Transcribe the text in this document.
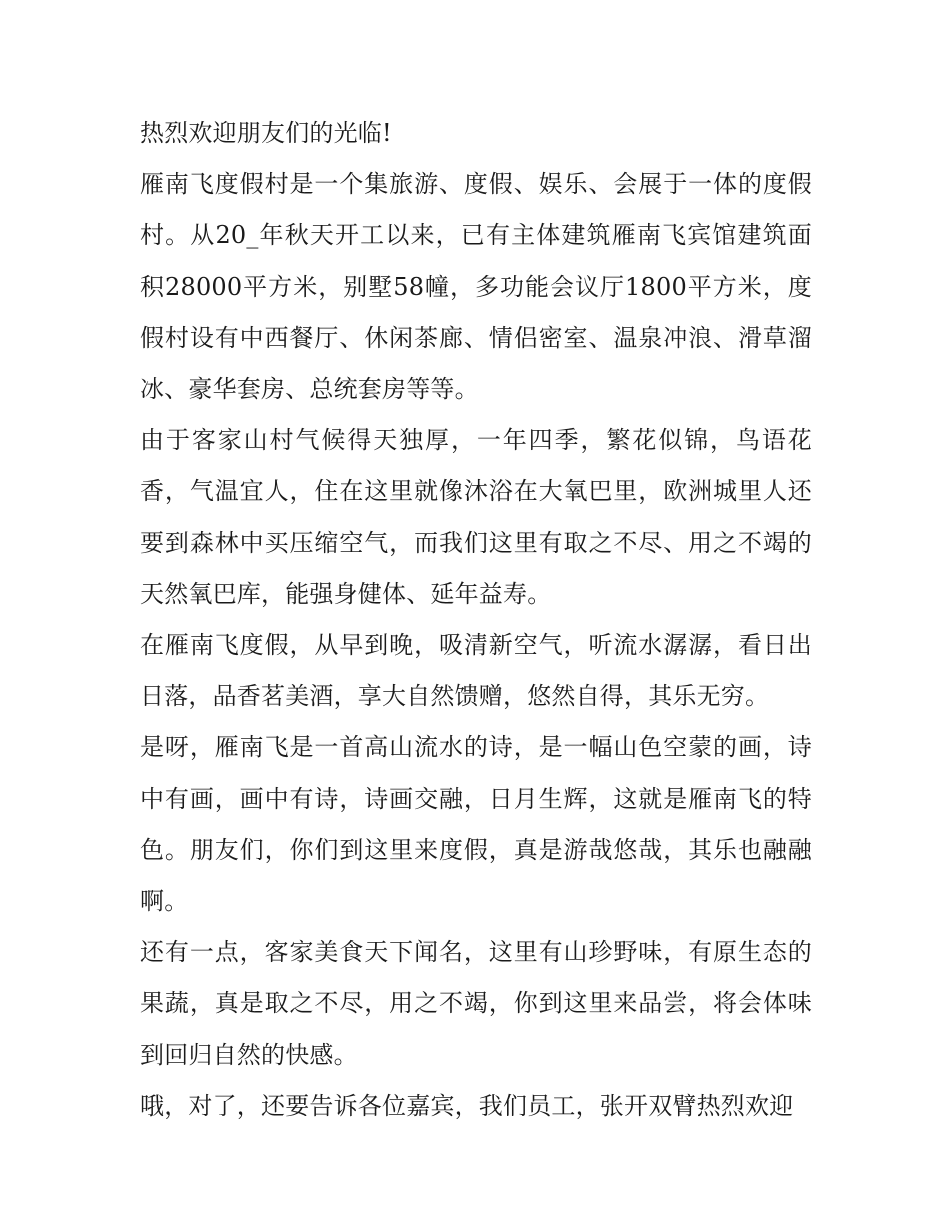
热烈欢迎朋友们的光临!

雁南飞度假村是一个集旅游、度假、娱乐、会展于一体的度假村。从20_年秋天开工以来，已有主体建筑雁南飞宾馆建筑面积28000平方米，别墅58幢，多功能会议厅1800平方米，度假村设有中西餐厅、休闲茶廊、情侣密室、温泉冲浪、滑草溜冰、豪华套房、总统套房等等。

由于客家山村气候得天独厚，一年四季，繁花似锦，鸟语花香，气温宜人，住在这里就像沐浴在大氧巴里，欧洲城里人还要到森林中买压缩空气，而我们这里有取之不尽、用之不竭的天然氧巴库，能强身健体、延年益寿。

在雁南飞度假，从早到晚，吸清新空气，听流水潺潺，看日出日落，品香茗美酒，享大自然馈赠，悠然自得，其乐无穷。

是呀，雁南飞是一首高山流水的诗，是一幅山色空蒙的画，诗中有画，画中有诗，诗画交融，日月生辉，这就是雁南飞的特色。朋友们，你们到这里来度假，真是游哉悠哉，其乐也融融啊。

还有一点，客家美食天下闻名，这里有山珍野味，有原生态的果蔬，真是取之不尽，用之不竭，你到这里来品尝，将会体味到回归自然的快感。

哦，对了，还要告诉各位嘉宾，我们员工，张开双臂热烈欢迎
